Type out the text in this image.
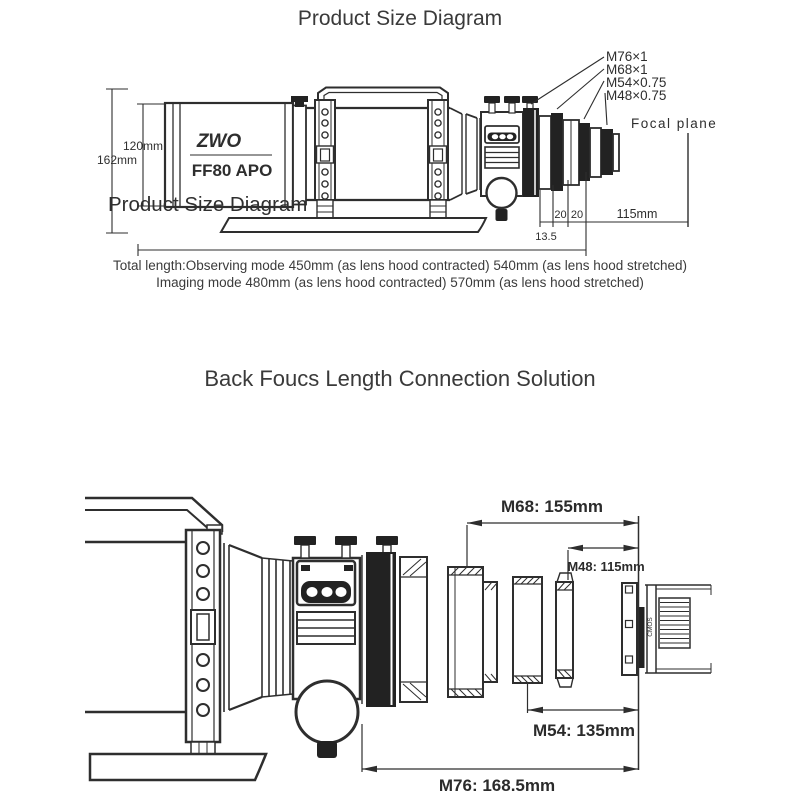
Product Size Diagram
ZWO
FF80 APO
Product Size Diagram
M76×1
M68×1
M54×0.75
M48×0.75
Focal plane
120mm
162mm
13.5
20 20	115mm
Total length:Observing mode 450mm (as lens hood contracted) 540mm (as lens hood stretched)
Imaging mode 480mm (as lens hood contracted) 570mm (as lens hood stretched)
Back Foucs Length Connection Solution
M68: 155mm
M48: 115mm
M54: 135mm
M76: 168.5mm
CMOS
